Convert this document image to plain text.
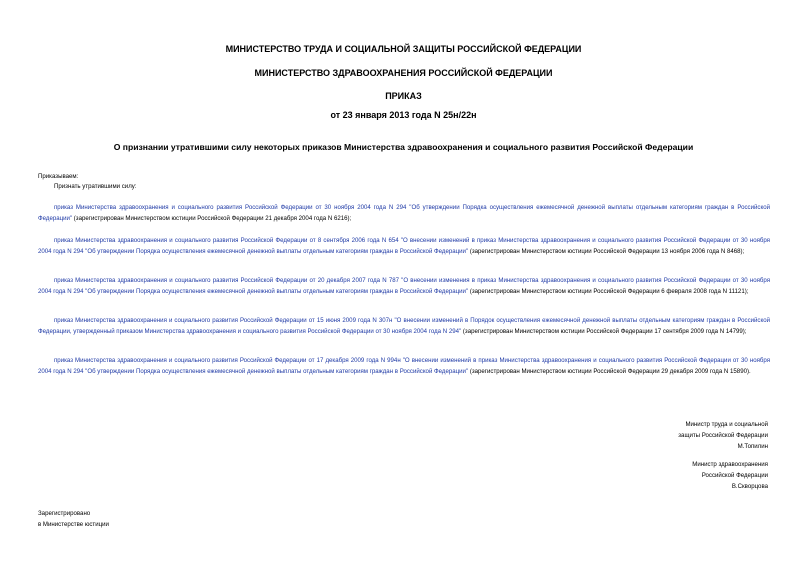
МИНИСТЕРСТВО ТРУДА И СОЦИАЛЬНОЙ ЗАЩИТЫ РОССИЙСКОЙ ФЕДЕРАЦИИ
МИНИСТЕРСТВО ЗДРАВООХРАНЕНИЯ РОССИЙСКОЙ ФЕДЕРАЦИИ
ПРИКАЗ
от 23 января 2013 года N 25н/22н
О признании утратившими силу некоторых приказов Министерства здравоохранения и социального развития Российской Федерации
Приказываем:
Признать утратившими силу:
приказ Министерства здравоохранения и социального развития Российской Федерации от 30 ноября 2004 года N 294 "Об утверждении Порядка осуществления ежемесячной денежной выплаты отдельным категориям граждан в Российской Федерации" (зарегистрирован Министерством юстиции Российской Федерации 21 декабря 2004 года N 6216);
приказ Министерства здравоохранения и социального развития Российской Федерации от 8 сентября 2006 года N 654 "О внесении изменений в приказ Министерства здравоохранения и социального развития Российской Федерации от 30 ноября 2004 года N 294 "Об утверждении Порядка осуществления ежемесячной денежной выплаты отдельным категориям граждан в Российской Федерации" (зарегистрирован Министерством юстиции Российской Федерации 13 ноября 2006 года N 8468);
приказ Министерства здравоохранения и социального развития Российской Федерации от 20 декабря 2007 года N 787 "О внесении изменения в приказ Министерства здравоохранения и социального развития Российской Федерации от 30 ноября 2004 года N 294 "Об утверждении Порядка осуществления ежемесячной денежной выплаты отдельным категориям граждан в Российской Федерации" (зарегистрирован Министерством юстиции Российской Федерации 6 февраля 2008 года N 11121);
приказ Министерства здравоохранения и социального развития Российской Федерации от 15 июня 2009 года N 307н "О внесении изменений в Порядок осуществления ежемесячной денежной выплаты отдельным категориям граждан в Российской Федерации, утвержденный приказом Министерства здравоохранения и социального развития Российской Федерации от 30 ноября 2004 года N 294" (зарегистрирован Министерством юстиции Российской Федерации 17 сентября 2009 года N 14799);
приказ Министерства здравоохранения и социального развития Российской Федерации от 17 декабря 2009 года N 994н "О внесении изменений в приказ Министерства здравоохранения и социального развития Российской Федерации от 30 ноября 2004 года N 294 "Об утверждении Порядка осуществления ежемесячной денежной выплаты отдельным категориям граждан в Российской Федерации" (зарегистрирован Министерством юстиции Российской Федерации 29 декабря 2009 года N 15890).
Министр труда и социальной
защиты Российской Федерации
М.Топилин
Министр здравоохранения
Российской Федерации
В.Скворцова
Зарегистрировано
в Министерстве юстиции
